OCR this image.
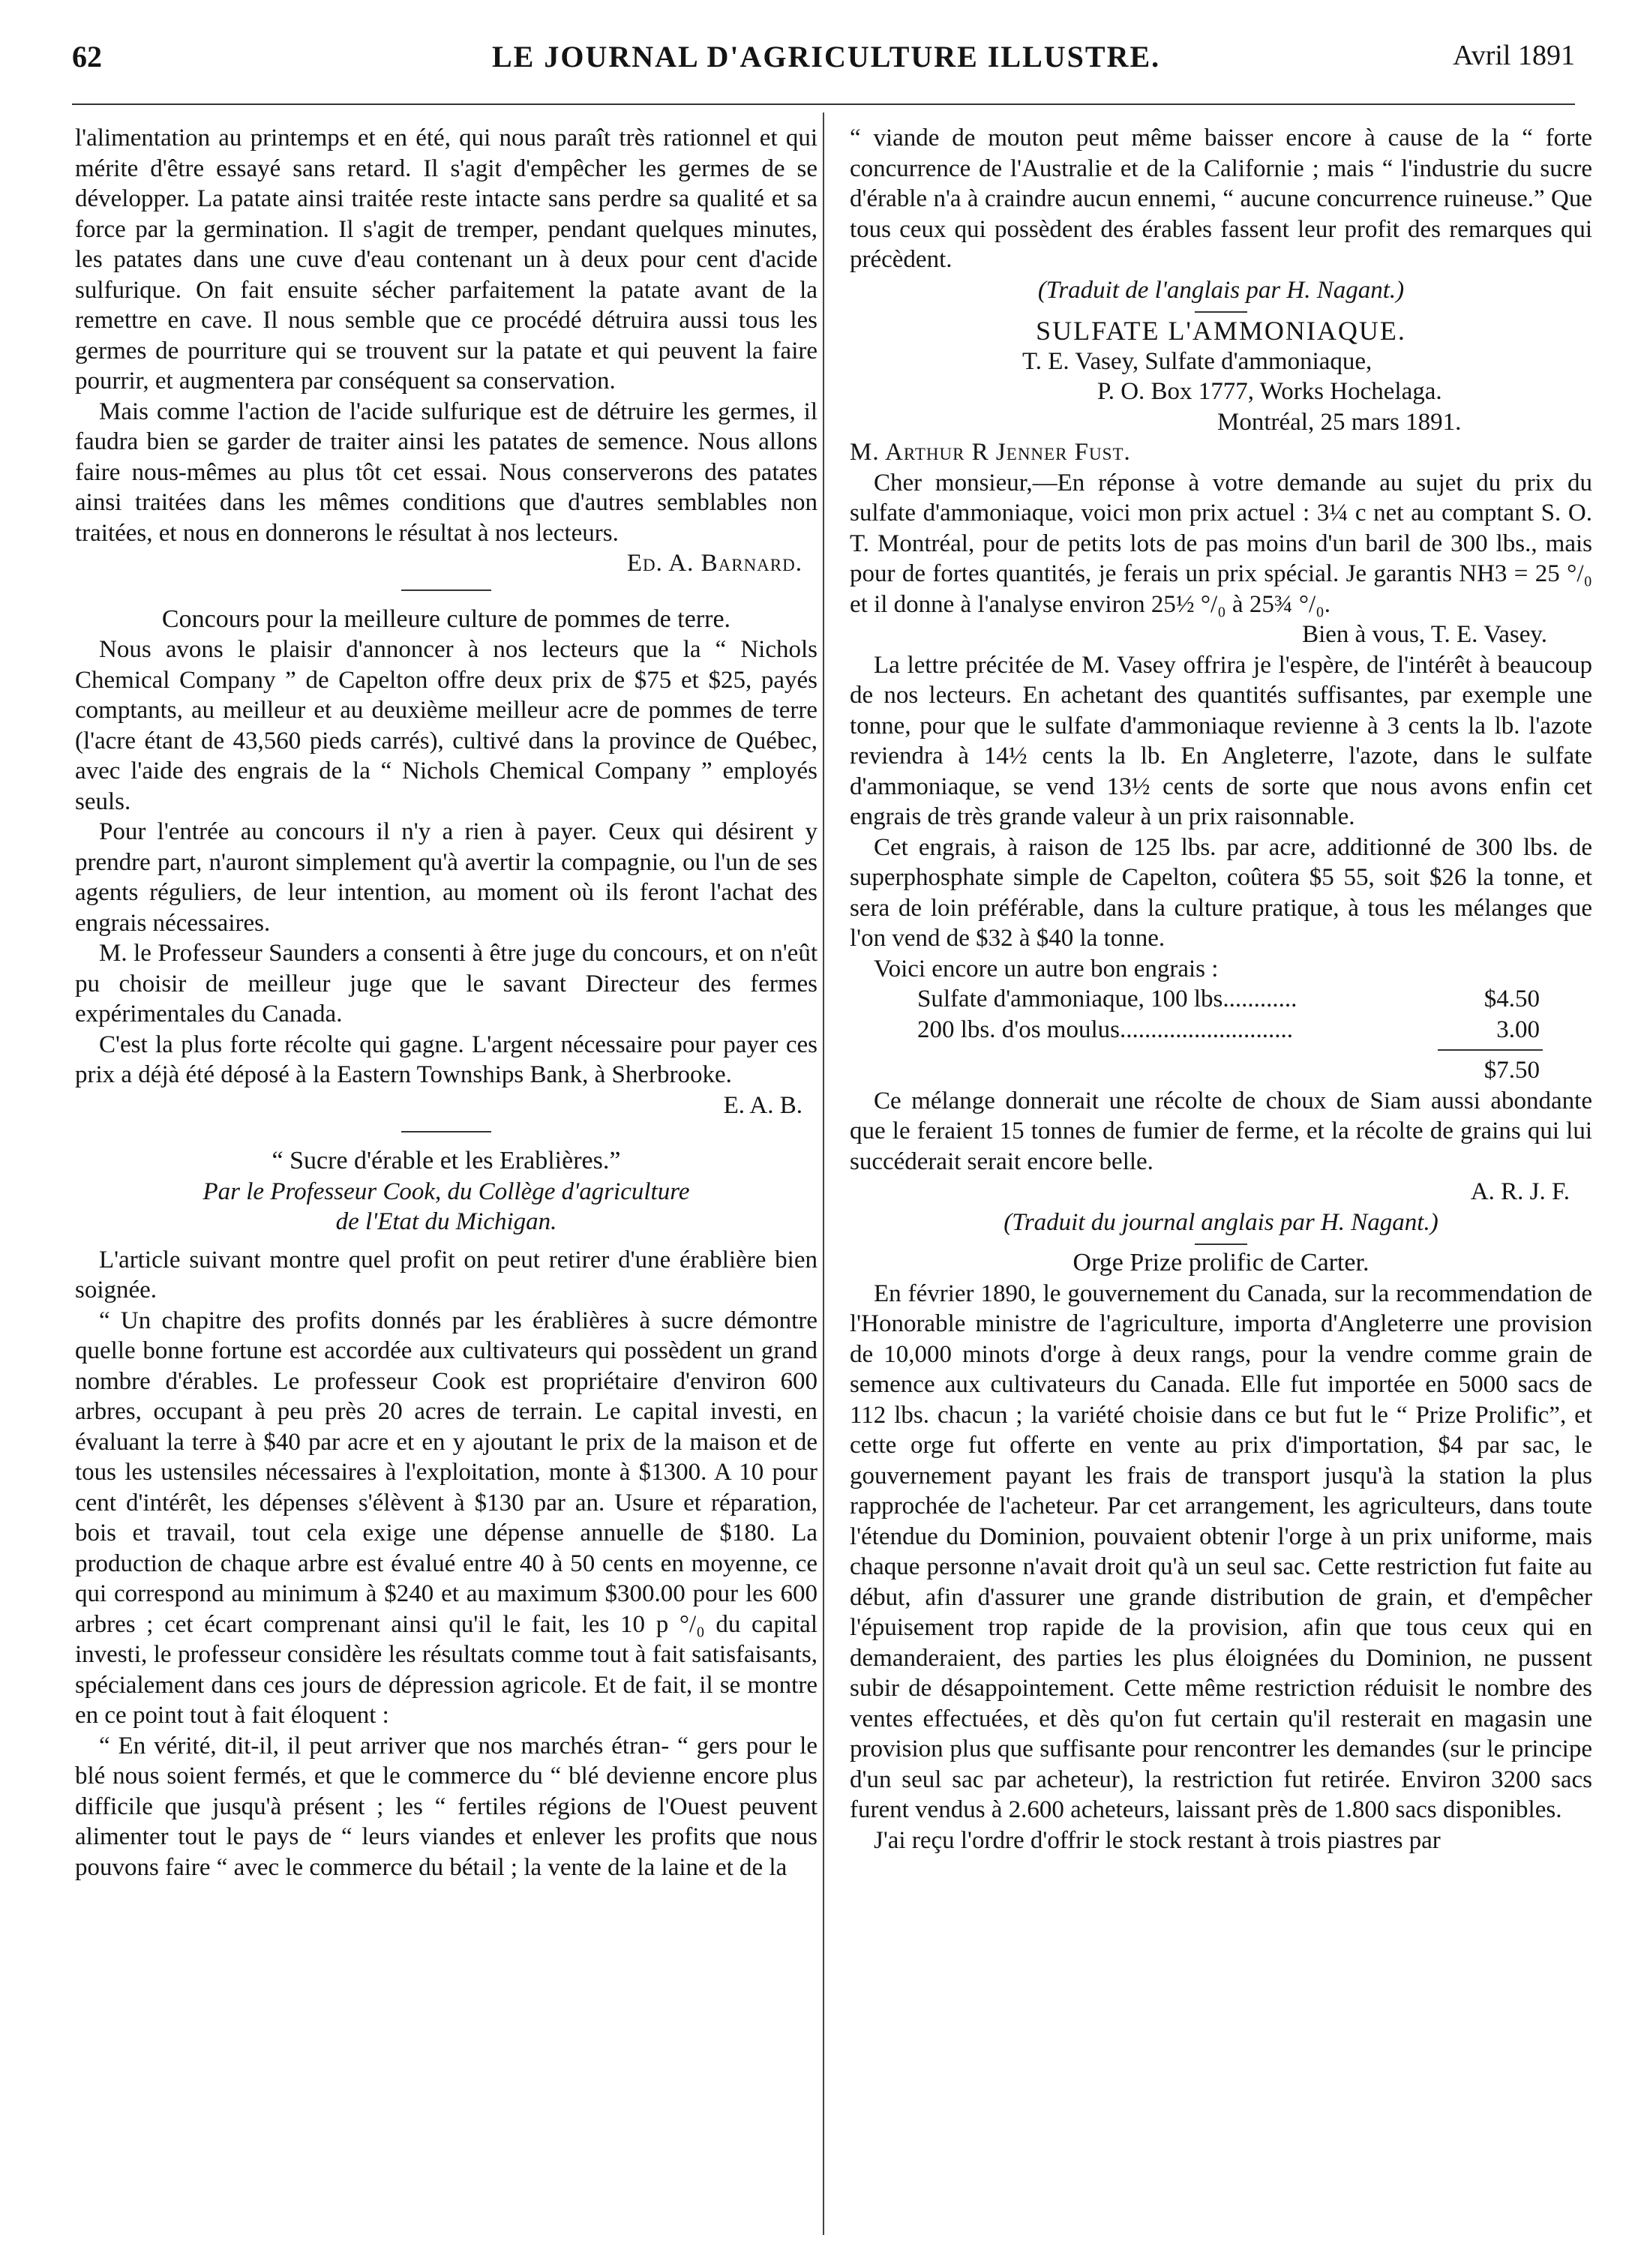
62	LE JOURNAL D'AGRICULTURE ILLUSTRE.	Avril 1891

l'alimentation au printemps et en été, qui nous paraît très rationnel et qui mérite d'être essayé sans retard. Il s'agit d'empêcher les germes de se développer. La patate ainsi traitée reste intacte sans perdre sa qualité et sa force par la germination. Il s'agit de tremper, pendant quelques minutes, les patates dans une cuve d'eau contenant un à deux pour cent d'acide sulfurique. On fait ensuite sécher parfaitement la patate avant de la remettre en cave. Il nous semble que ce procédé détruira aussi tous les germes de pourriture qui se trouvent sur la patate et qui peuvent la faire pourrir, et augmentera par conséquent sa conservation.

Mais comme l'action de l'acide sulfurique est de détruire les germes, il faudra bien se garder de traiter ainsi les patates de semence. Nous allons faire nous-mêmes au plus tôt cet essai. Nous conserverons des patates ainsi traitées dans les mêmes conditions que d'autres semblables non traitées, et nous en donnerons le résultat à nos lecteurs.

Ed. A. Barnard.

Concours pour la meilleure culture de pommes de terre.

Nous avons le plaisir d'annoncer à nos lecteurs que la “ Nichols Chemical Company ” de Capelton offre deux prix de $75 et $25, payés comptants, au meilleur et au deuxième meilleur acre de pommes de terre (l'acre étant de 43,560 pieds carrés), cultivé dans la province de Québec, avec l'aide des engrais de la “ Nichols Chemical Company ” employés seuls.

Pour l'entrée au concours il n'y a rien à payer. Ceux qui désirent y prendre part, n'auront simplement qu'à avertir la compagnie, ou l'un de ses agents réguliers, de leur intention, au moment où ils feront l'achat des engrais nécessaires.

M. le Professeur Saunders a consenti à être juge du concours, et on n'eût pu choisir de meilleur juge que le savant Directeur des fermes expérimentales du Canada.

C'est la plus forte récolte qui gagne. L'argent nécessaire pour payer ces prix a déjà été déposé à la Eastern Townships Bank, à Sherbrooke.

E. A. B.

“ Sucre d'érable et les Erablières.”

Par le Professeur Cook, du Collège d'agriculture

de l'Etat du Michigan.

L'article suivant montre quel profit on peut retirer d'une érablière bien soignée.

“ Un chapitre des profits donnés par les érablières à sucre démontre quelle bonne fortune est accordée aux cultivateurs qui possèdent un grand nombre d'érables. Le professeur Cook est propriétaire d'environ 600 arbres, occupant à peu près 20 acres de terrain. Le capital investi, en évaluant la terre à $40 par acre et en y ajoutant le prix de la maison et de tous les ustensiles nécessaires à l'exploitation, monte à $1300. A 10 pour cent d'intérêt, les dépenses s'élèvent à $130 par an. Usure et réparation, bois et travail, tout cela exige une dépense annuelle de $180. La production de chaque arbre est évalué entre 40 à 50 cents en moyenne, ce qui correspond au minimum à $240 et au maximum $300.00 pour les 600 arbres ; cet écart comprenant ainsi qu'il le fait, les 10 p °/₀ du capital investi, le professeur considère les résultats comme tout à fait satisfaisants, spécialement dans ces jours de dépression agricole. Et de fait, il se montre en ce point tout à fait éloquent :

“ En vérité, dit-il, il peut arriver que nos marchés étran- “ gers pour le blé nous soient fermés, et que le commerce du “ blé devienne encore plus difficile que jusqu'à présent ; les “ fertiles régions de l'Ouest peuvent alimenter tout le pays de “ leurs viandes et enlever les profits que nous pouvons faire “ avec le commerce du bétail ; la vente de la laine et de la

“ viande de mouton peut même baisser encore à cause de la “ forte concurrence de l'Australie et de la Californie ; mais “ l'industrie du sucre d'érable n'a à craindre aucun ennemi, “ aucune concurrence ruineuse.” Que tous ceux qui possèdent des érables fassent leur profit des remarques qui précèdent.

(Traduit de l'anglais par H. Nagant.)

SULFATE L'AMMONIAQUE.

T. E. Vasey, Sulfate d'ammoniaque,

P. O. Box 1777, Works Hochelaga.

Montréal, 25 mars 1891.

M. Arthur R Jenner Fust.

Cher monsieur,—En réponse à votre demande au sujet du prix du sulfate d'ammoniaque, voici mon prix actuel : 3¼ c net au comptant S. O. T. Montréal, pour de petits lots de pas moins d'un baril de 300 lbs., mais pour de fortes quantités, je ferais un prix spécial. Je garantis NH3 = 25 °/₀ et il donne à l'analyse environ 25½ °/₀ à 25¾ °/₀.

Bien à vous, T. E. Vasey.

La lettre précitée de M. Vasey offrira je l'espère, de l'intérêt à beaucoup de nos lecteurs. En achetant des quantités suffisantes, par exemple une tonne, pour que le sulfate d'ammoniaque revienne à 3 cents la lb. l'azote reviendra à 14½ cents la lb. En Angleterre, l'azote, dans le sulfate d'ammoniaque, se vend 13½ cents de sorte que nous avons enfin cet engrais de très grande valeur à un prix raisonnable.

Cet engrais, à raison de 125 lbs. par acre, additionné de 300 lbs. de superphosphate simple de Capelton, coûtera $5 55, soit $26 la tonne, et sera de loin préférable, dans la culture pratique, à tous les mélanges que l'on vend de $32 à $40 la tonne.

Voici encore un autre bon engrais :

Sulfate d'ammoniaque, 100 lbs............	$4.50
200 lbs. d'os moulus............................	3.00
$7.50

Ce mélange donnerait une récolte de choux de Siam aussi abondante que le feraient 15 tonnes de fumier de ferme, et la récolte de grains qui lui succéderait serait encore belle.

A. R. J. F.

(Traduit du journal anglais par H. Nagant.)

Orge Prize prolific de Carter.

En février 1890, le gouvernement du Canada, sur la recommendation de l'Honorable ministre de l'agriculture, importa d'Angleterre une provision de 10,000 minots d'orge à deux rangs, pour la vendre comme grain de semence aux cultivateurs du Canada. Elle fut importée en 5000 sacs de 112 lbs. chacun ; la variété choisie dans ce but fut le “ Prize Prolific”, et cette orge fut offerte en vente au prix d'importation, $4 par sac, le gouvernement payant les frais de transport jusqu'à la station la plus rapprochée de l'acheteur. Par cet arrangement, les agriculteurs, dans toute l'étendue du Dominion, pouvaient obtenir l'orge à un prix uniforme, mais chaque personne n'avait droit qu'à un seul sac. Cette restriction fut faite au début, afin d'assurer une grande distribution de grain, et d'empêcher l'épuisement trop rapide de la provision, afin que tous ceux qui en demanderaient, des parties les plus éloignées du Dominion, ne pussent subir de désappointement. Cette même restriction réduisit le nombre des ventes effectuées, et dès qu'on fut certain qu'il resterait en magasin une provision plus que suffisante pour rencontrer les demandes (sur le principe d'un seul sac par acheteur), la restriction fut retirée. Environ 3200 sacs furent vendus à 2.600 acheteurs, laissant près de 1.800 sacs disponibles.

J'ai reçu l'ordre d'offrir le stock restant à trois piastres par
